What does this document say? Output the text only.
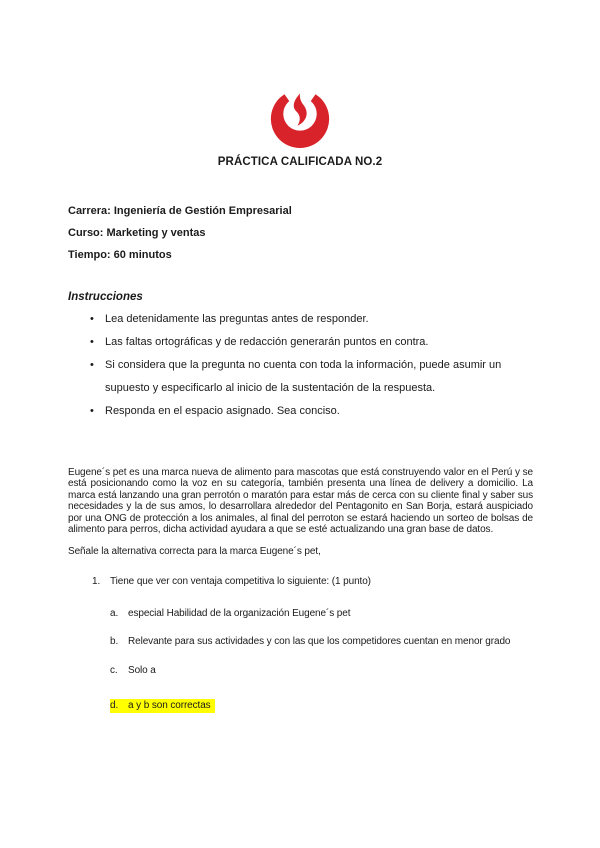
PRÁCTICA CALIFICADA NO.2
Carrera: Ingeniería de Gestión Empresarial
Curso: Marketing y ventas
Tiempo: 60 minutos
Instrucciones
• Lea detenidamente las preguntas antes de responder.
• Las faltas ortográficas y de redacción generarán puntos en contra.
• Si considera que la pregunta no cuenta con toda la información, puede asumir un supuesto y especificarlo al inicio de la sustentación de la respuesta.
• Responda en el espacio asignado. Sea conciso.

Eugene´s pet es una marca nueva de alimento para mascotas que está construyendo valor en el Perú y se está posicionando como la voz en su categoría, también presenta una línea de delivery a domicilio. La marca está lanzando una gran perrotón o maratón para estar más de cerca con su cliente final y saber sus necesidades y la de sus amos, lo desarrollara alrededor del Pentagonito en San Borja, estará auspiciado por una ONG de protección a los animales, al final del perroton se estará haciendo un sorteo de bolsas de alimento para perros, dicha actividad ayudara a que se esté actualizando una gran base de datos.

Señale la alternativa correcta para la marca Eugene´s pet,

1. Tiene que ver con ventaja competitiva lo siguiente: (1 punto)
a. especial Habilidad de la organización Eugene´s pet
b. Relevante para sus actividades y con las que los competidores cuentan en menor grado
c. Solo a
d. a y b son correctas
